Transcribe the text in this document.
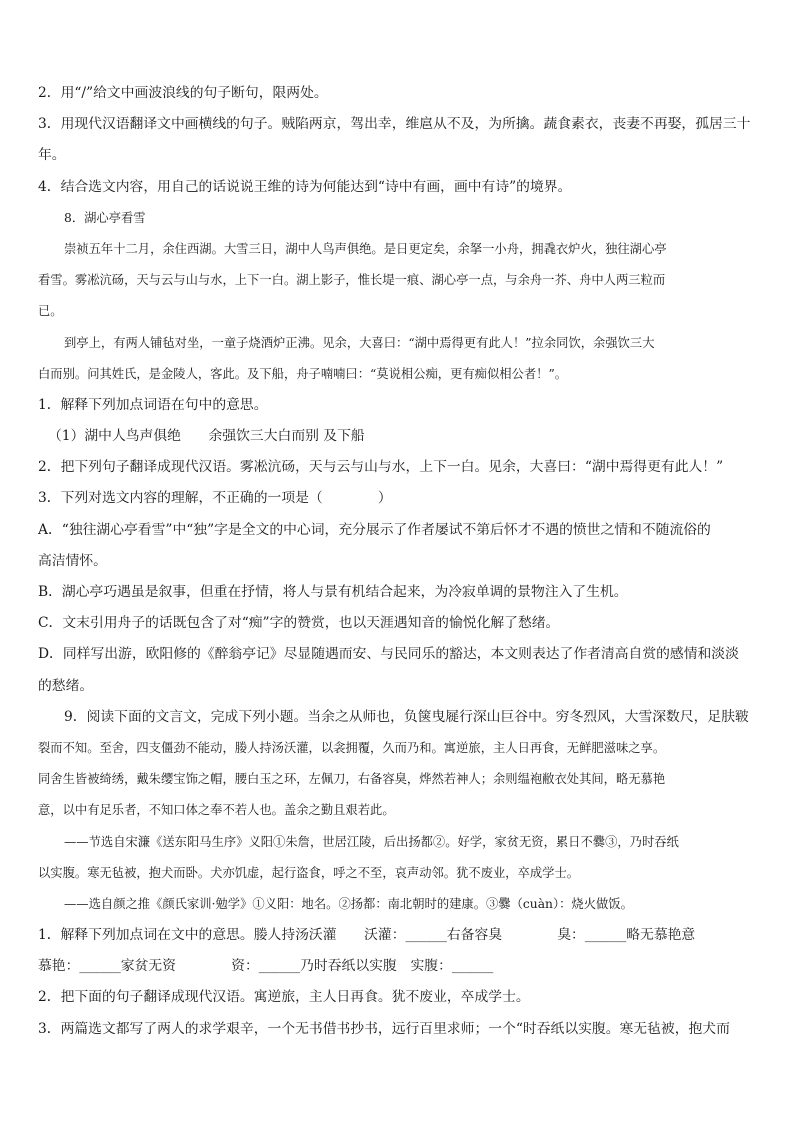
2．用“/”给文中画波浪线的句子断句，限两处。

3．用现代汉语翻译文中画横线的句子。贼陷两京，驾出幸，维扈从不及，为所擒。蔬食素衣，丧妻不再娶，孤居三十

年。

4．结合选文内容，用自己的话说说王维的诗为何能达到“诗中有画，画中有诗”的境界。

8．湖心亭看雪

崇祯五年十二月，余住西湖。大雪三日，湖中人鸟声俱绝。是日更定矣，余拏一小舟，拥毳衣炉火，独往湖心亭

看雪。雾凇沆砀，天与云与山与水，上下一白。湖上影子，惟长堤一痕、湖心亭一点，与余舟一芥、舟中人两三粒而

已。

到亭上，有两人铺毡对坐，一童子烧酒炉正沸。见余，大喜曰：“湖中焉得更有此人！”拉余同饮，余强饮三大

白而别。问其姓氏，是金陵人，客此。及下船，舟子喃喃曰：“莫说相公痴，更有痴似相公者！”。

1．解释下列加点词语在句中的意思。

（1）湖中人鸟声俱绝　　余强饮三大白而别 及下船

2．把下列句子翻译成现代汉语。雾凇沆砀，天与云与山与水，上下一白。见余，大喜曰：“湖中焉得更有此人！”

3．下列对选文内容的理解，不正确的一项是（　　　　）

A．“独往湖心亭看雪”中“独”字是全文的中心词，充分展示了作者屡试不第后怀才不遇的愤世之情和不随流俗的

高洁情怀。

B．湖心亭巧遇虽是叙事，但重在抒情，将人与景有机结合起来，为冷寂单调的景物注入了生机。

C．文末引用舟子的话既包含了对“痴”字的赞赏，也以天涯遇知音的愉悦化解了愁绪。

D．同样写出游，欧阳修的《醉翁亭记》尽显随遇而安、与民同乐的豁达，本文则表达了作者清高自赏的感情和淡淡

的愁绪。

9．阅读下面的文言文，完成下列小题。当余之从师也，负箧曳屣行深山巨谷中。穷冬烈风，大雪深数尺，足肤皲

裂而不知。至舍，四支僵劲不能动，媵人持汤沃灌，以衾拥覆，久而乃和。寓逆旅，主人日再食，无鲜肥滋味之享。

同舍生皆被绮绣，戴朱缨宝饰之帽，腰白玉之环，左佩刀，右备容臭，烨然若神人；余则缊袍敝衣处其间，略无慕艳

意，以中有足乐者，不知口体之奉不若人也。盖余之勤且艰若此。

——节选自宋濂《送东阳马生序》义阳①朱詹，世居江陵，后出扬都②。好学，家贫无资，累日不爨③，乃时吞纸

以实腹。寒无毡被，抱犬而卧。犬亦饥虚，起行盗食，呼之不至，哀声动邻。犹不废业，卒成学士。

——选自颜之推《颜氏家训·勉学》①义阳：地名。②扬都：南北朝时的建康。③爨（cuàn）：烧火做饭。

1．解释下列加点词在文中的意思。媵人持汤沃灌　　沃灌：______右备容臭　　　　臭：______略无慕艳意

慕艳：______家贫无资　　　　资：______乃时吞纸以实腹　实腹：______

2．把下面的句子翻译成现代汉语。寓逆旅，主人日再食。犹不废业，卒成学士。

3．两篇选文都写了两人的求学艰辛，一个无书借书抄书，远行百里求师；一个“时吞纸以实腹。寒无毡被，抱犬而
